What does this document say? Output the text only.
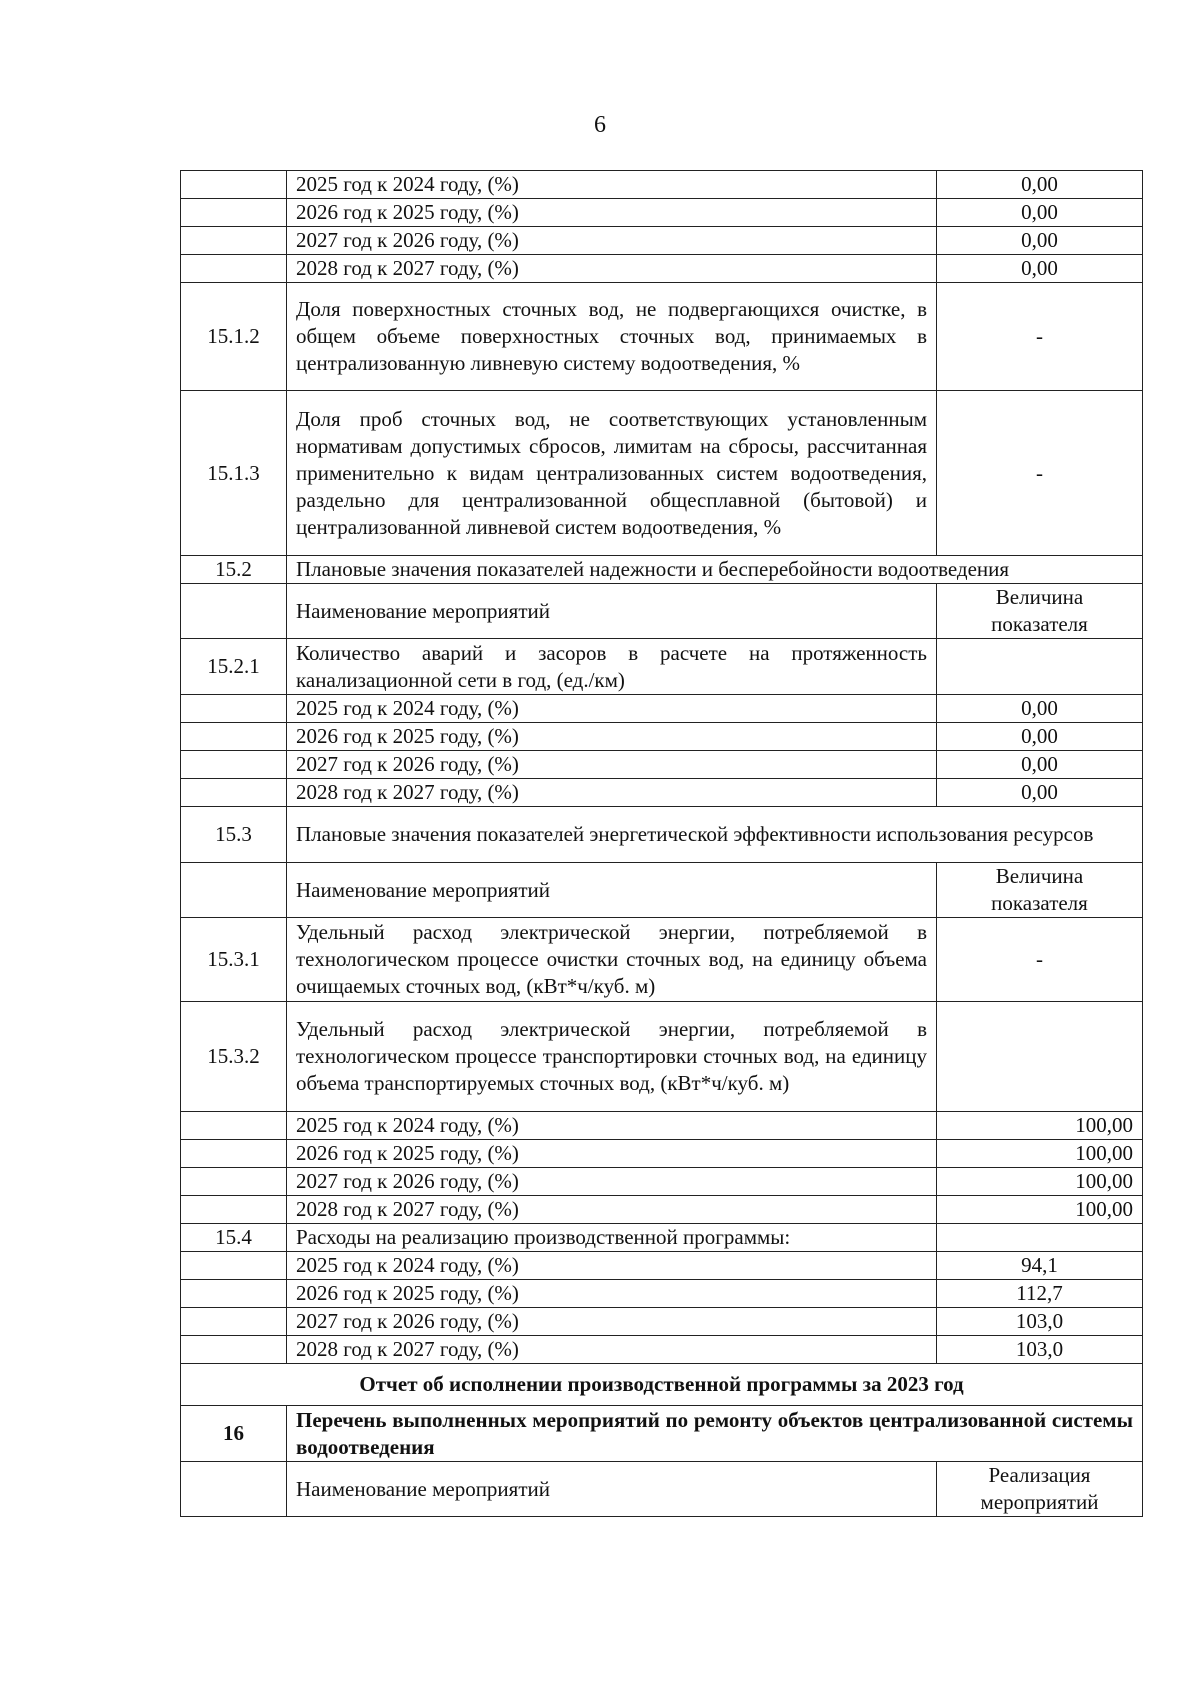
6
	2025 год к 2024 году, (%)	0,00
	2026 год к 2025 году, (%)	0,00
	2027 год к 2026 году, (%)	0,00
	2028 год к 2027 году, (%)	0,00
15.1.2	Доля поверхностных сточных вод, не подвергающихся очистке, в общем объеме поверхностных сточных вод, принимаемых в централизованную ливневую систему водоотведения, %	-
15.1.3	Доля проб сточных вод, не соответствующих установленным нормативам допустимых сбросов, лимитам на сбросы, рассчитанная применительно к видам централизованных систем водоотведения, раздельно для централизованной общесплавной (бытовой) и централизованной ливневой систем водоотведения, %	-
15.2	Плановые значения показателей надежности и бесперебойности водоотведения	
	Наименование мероприятий	Величина
показателя

15.2.1	Количество аварий и засоров в расчете на протяженность канализационной сети в год, (ед./км)	
	2025 год к 2024 году, (%)	0,00
	2026 год к 2025 году, (%)	0,00
	2027 год к 2026 году, (%)	0,00
	2028 год к 2027 году, (%)	0,00
15.3	Плановые значения показателей энергетической эффективности использования ресурсов	
	Наименование мероприятий	Величина
показателя

15.3.1	Удельный расход электрической энергии, потребляемой в технологическом процессе очистки сточных вод, на единицу объема очищаемых сточных вод, (кВт*ч/куб. м)	-
15.3.2	Удельный расход электрической энергии, потребляемой в технологическом процессе транспортировки сточных вод, на единицу объема транспортируемых сточных вод, (кВт*ч/куб. м)	
	2025 год к 2024 году, (%)	100,00
	2026 год к 2025 году, (%)	100,00
	2027 год к 2026 году, (%)	100,00
	2028 год к 2027 году, (%)	100,00
15.4	Расходы на реализацию производственной программы:	
	2025 год к 2024 году, (%)	94,1
	2026 год к 2025 году, (%)	112,7
	2027 год к 2026 году, (%)	103,0
	2028 год к 2027 году, (%)	103,0
Отчет об исполнении производственной программы за 2023 год		
16	Перечень выполненных мероприятий по ремонту объектов централизованной системы водоотведения	
	Наименование мероприятий	Реализация
мероприятий
